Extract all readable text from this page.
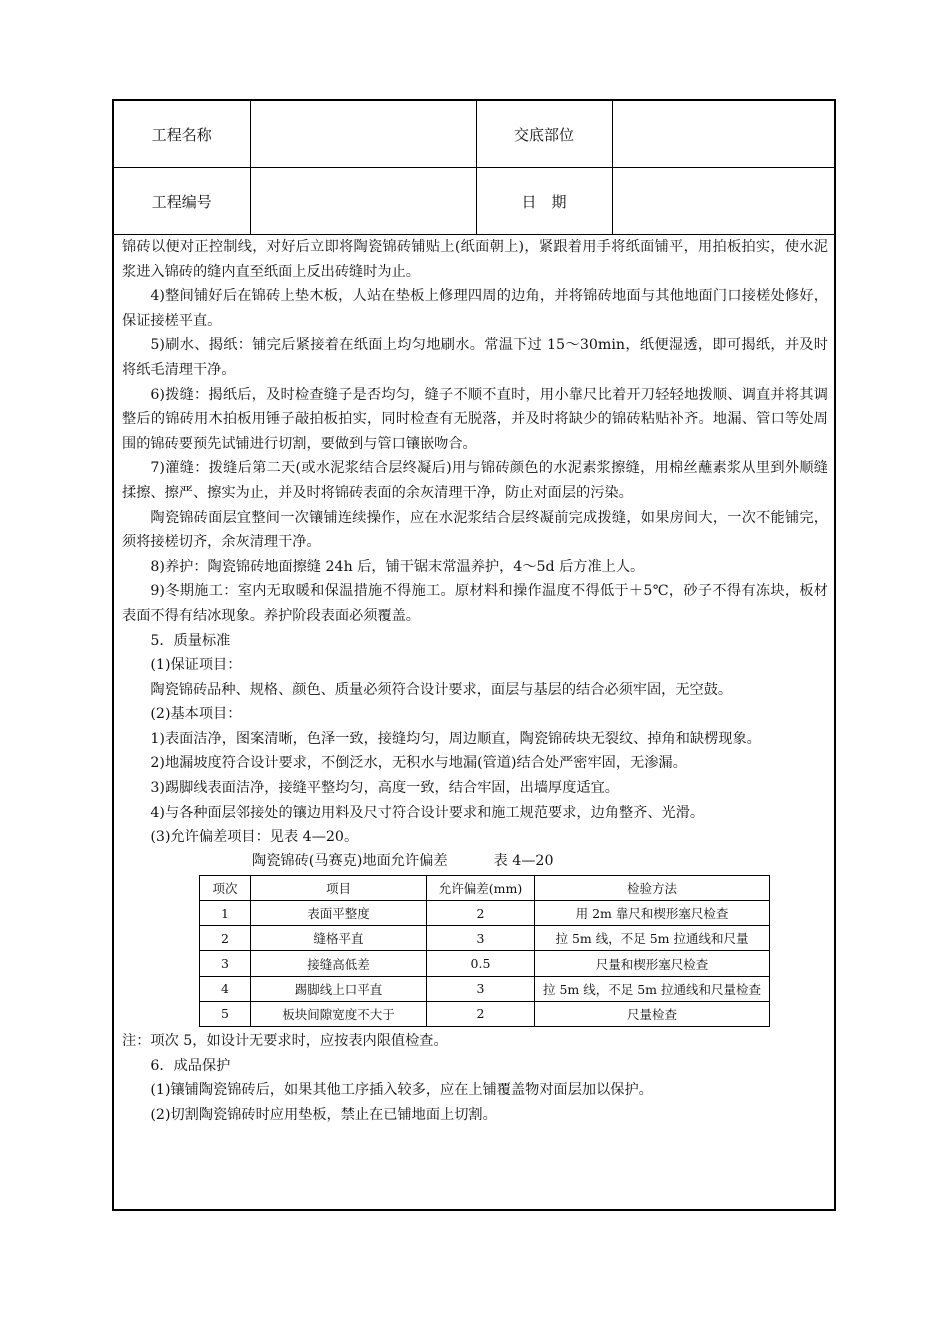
工程名称		交底部位	
工程编号		日　期	

锦砖以便对正控制线，对好后立即将陶瓷锦砖铺贴上(纸面朝上)，紧跟着用手将纸面铺平，用拍板拍实，使水泥浆进入锦砖的缝内直至纸面上反出砖缝时为止。

4)整间铺好后在锦砖上垫木板，人站在垫板上修理四周的边角，并将锦砖地面与其他地面门口接槎处修好，保证接槎平直。

5)刷水、揭纸：铺完后紧接着在纸面上均匀地刷水。常温下过 15～30min，纸便湿透，即可揭纸，并及时将纸毛清理干净。

6)拨缝：揭纸后，及时检查缝子是否均匀，缝子不顺不直时，用小靠尺比着开刀轻轻地拨顺、调直并将其调整后的锦砖用木拍板用锤子敲拍板拍实，同时检查有无脱落，并及时将缺少的锦砖粘贴补齐。地漏、管口等处周围的锦砖要预先试铺进行切割，要做到与管口镶嵌吻合。

7)灌缝：拨缝后第二天(或水泥浆结合层终凝后)用与锦砖颜色的水泥素浆擦缝，用棉丝蘸素浆从里到外顺缝揉擦、擦严、擦实为止，并及时将锦砖表面的余灰清理干净，防止对面层的污染。

陶瓷锦砖面层宜整间一次镶铺连续操作，应在水泥浆结合层终凝前完成拨缝，如果房间大，一次不能铺完，须将接槎切齐，余灰清理干净。

8)养护：陶瓷锦砖地面擦缝 24h 后，铺干锯末常温养护，4～5d 后方准上人。

9)冬期施工：室内无取暖和保温措施不得施工。原材料和操作温度不得低于＋5℃，砂子不得有冻块，板材表面不得有结冰现象。养护阶段表面必须覆盖。

5．质量标准

(1)保证项目：

陶瓷锦砖品种、规格、颜色、质量必须符合设计要求，面层与基层的结合必须牢固，无空鼓。

(2)基本项目：

1)表面洁净，图案清晰，色泽一致，接缝均匀，周边顺直，陶瓷锦砖块无裂纹、掉角和缺楞现象。

2)地漏坡度符合设计要求，不倒泛水，无积水与地漏(管道)结合处严密牢固，无渗漏。

3)踢脚线表面洁净，接缝平整均匀，高度一致，结合牢固，出墙厚度适宜。

4)与各种面层邻接处的镶边用料及尺寸符合设计要求和施工规范要求，边角整齐、光滑。

(3)允许偏差项目：见表 4—20。

陶瓷锦砖(马赛克)地面允许偏差	表 4—20

项次	项目	允许偏差(mm)	检验方法
1	表面平整度	2	用 2m 靠尺和楔形塞尺检查
2	缝格平直	3	拉 5m 线，不足 5m 拉通线和尺量
3	接缝高低差	0.5	尺量和楔形塞尺检查
4	踢脚线上口平直	3	拉 5m 线，不足 5m 拉通线和尺量检查
5	板块间隙宽度不大于	2	尺量检查

注：项次 5，如设计无要求时，应按表内限值检查。

6．成品保护

(1)镶铺陶瓷锦砖后，如果其他工序插入较多，应在上铺覆盖物对面层加以保护。

(2)切割陶瓷锦砖时应用垫板，禁止在已铺地面上切割。
